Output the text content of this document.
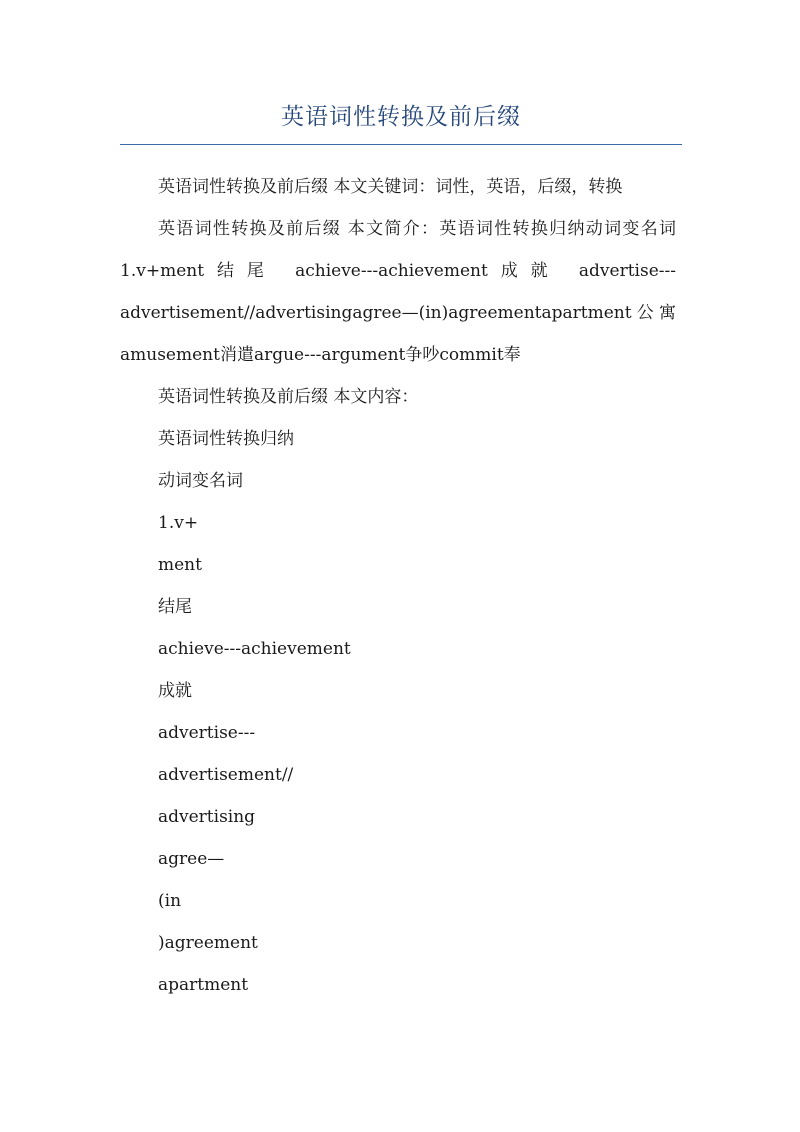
英语词性转换及前后缀

英语词性转换及前后缀 本文关键词：词性，英语，后缀，转换

英语词性转换及前后缀 本文简介：英语词性转换归纳动词变名词 1.v+ment结尾 achieve---achievement成就 advertise---advertisement//advertisingagree—(in)agreementapartment公寓amusement消遣argue---argument争吵commit奉

英语词性转换及前后缀 本文内容：

英语词性转换归纳
动词变名词
1.v+
ment
结尾
achieve---achievement
成就
advertise---
advertisement//
advertising
agree—
(in
)agreement
apartment
